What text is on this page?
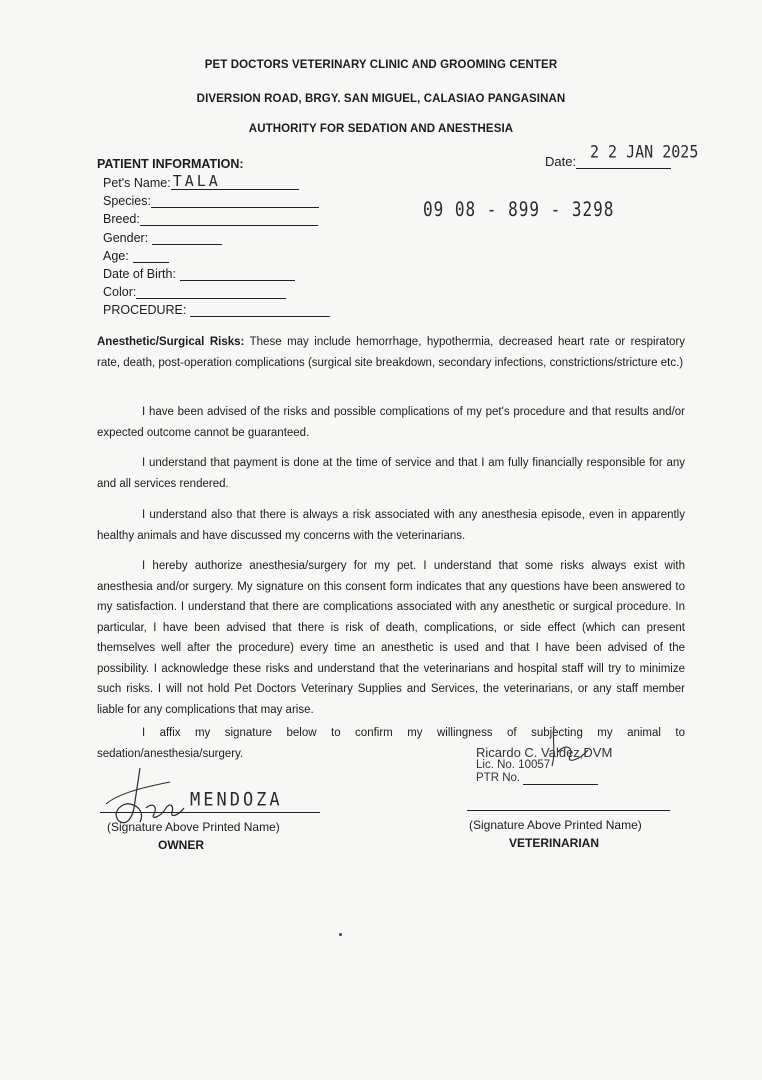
PET DOCTORS VETERINARY CLINIC AND GROOMING CENTER
DIVERSION ROAD, BRGY. SAN MIGUEL, CALASIAO PANGASINAN
AUTHORITY FOR SEDATION AND ANESTHESIA
Date: 2 2 JAN 2025
PATIENT INFORMATION:
Pet's Name: TALA
Species:
Breed:
Gender:
Age:
Date of Birth:
Color:
PROCEDURE:
09 08 - 899 - 3298
Anesthetic/Surgical Risks: These may include hemorrhage, hypothermia, decreased heart rate or respiratory rate, death, post-operation complications (surgical site breakdown, secondary infections, constrictions/stricture etc.)
I have been advised of the risks and possible complications of my pet's procedure and that results and/or expected outcome cannot be guaranteed.
I understand that payment is done at the time of service and that I am fully financially responsible for any and all services rendered.
I understand also that there is always a risk associated with any anesthesia episode, even in apparently healthy animals and have discussed my concerns with the veterinarians.
I hereby authorize anesthesia/surgery for my pet. I understand that some risks always exist with anesthesia and/or surgery. My signature on this consent form indicates that any questions have been answered to my satisfaction. I understand that there are complications associated with any anesthetic or surgical procedure. In particular, I have been advised that there is risk of death, complications, or side effect (which can present themselves well after the procedure) every time an anesthetic is used and that I have been advised of the possibility. I acknowledge these risks and understand that the veterinarians and hospital staff will try to minimize such risks. I will not hold Pet Doctors Veterinary Supplies and Services, the veterinarians, or any staff member liable for any complications that may arise.
I affix my signature below to confirm my willingness of subjecting my animal to sedation/anesthesia/surgery.
MENDOZA
(Signature Above Printed Name)
OWNER
Ricardo C. Valdez,DVM
Lic. No. 10057
PTR No.
(Signature Above Printed Name)
VETERINARIAN
